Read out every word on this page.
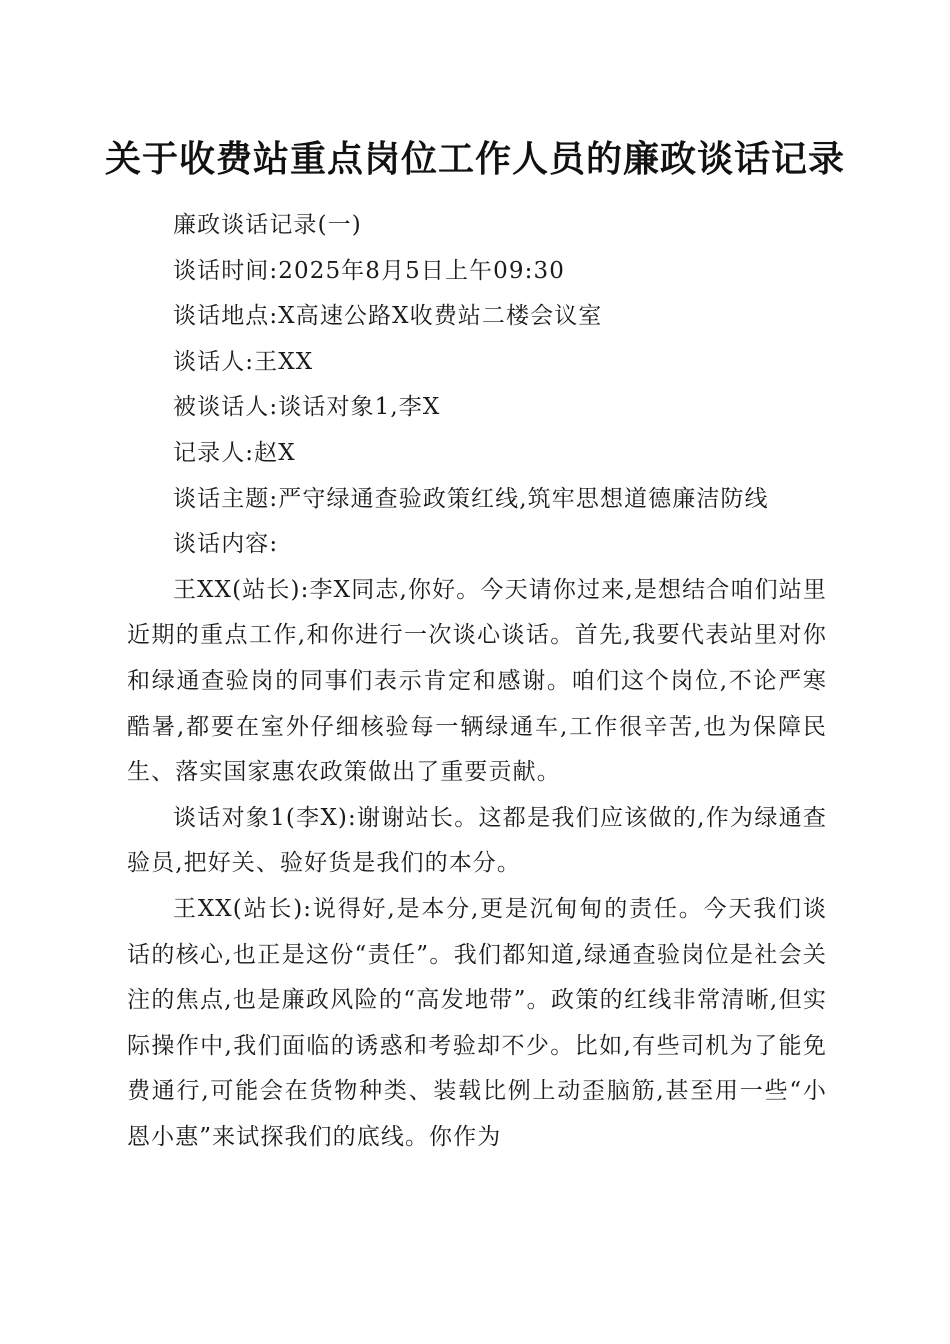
关于收费站重点岗位工作人员的廉政谈话记录

廉政谈话记录(一)

谈话时间:2025年8月5日上午09:30

谈话地点:X高速公路X收费站二楼会议室

谈话人:王XX

被谈话人:谈话对象1,李X

记录人:赵X

谈话主题:严守绿通查验政策红线,筑牢思想道德廉洁防线

谈话内容:

王XX(站长):李X同志,你好。今天请你过来,是想结合咱们站里近期的重点工作,和你进行一次谈心谈话。首先,我要代表站里对你和绿通查验岗的同事们表示肯定和感谢。咱们这个岗位,不论严寒酷暑,都要在室外仔细核验每一辆绿通车,工作很辛苦,也为保障民生、落实国家惠农政策做出了重要贡献。

谈话对象1(李X):谢谢站长。这都是我们应该做的,作为绿通查验员,把好关、验好货是我们的本分。

王XX(站长):说得好,是本分,更是沉甸甸的责任。今天我们谈话的核心,也正是这份“责任”。我们都知道,绿通查验岗位是社会关注的焦点,也是廉政风险的“高发地带”。政策的红线非常清晰,但实际操作中,我们面临的诱惑和考验却不少。比如,有些司机为了能免费通行,可能会在货物种类、装载比例上动歪脑筋,甚至用一些“小恩小惠”来试探我们的底线。你作为
